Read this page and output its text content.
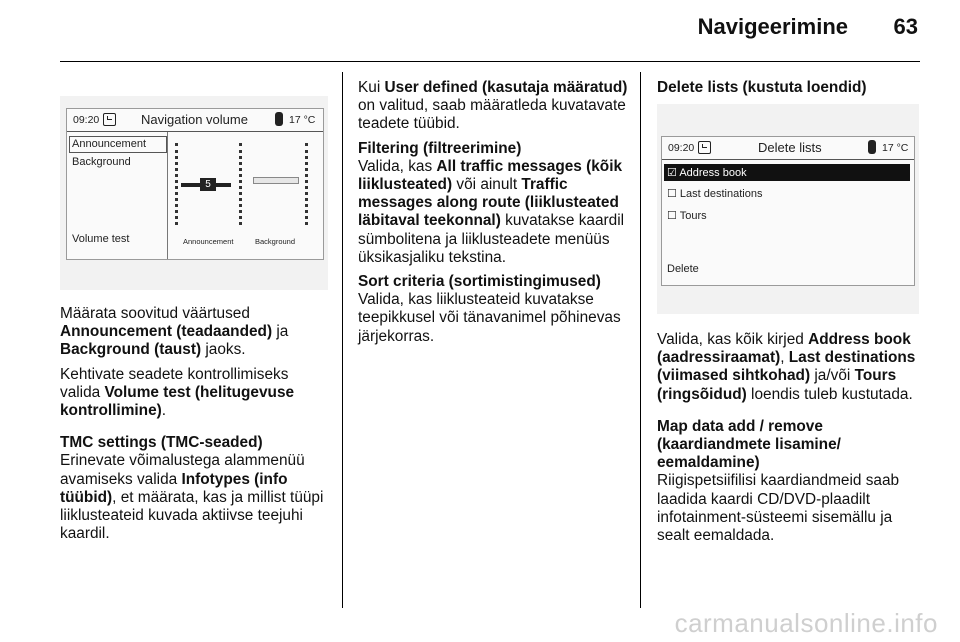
Navigeerimine 63
09:20	Navigation volume	17 °C
Announcement
Background
Volume test
5
Announcement	Background

Määrata soovitud väärtused Announcement (teadaanded) ja Background (taust) jaoks.

Kehtivate seadete kontrollimiseks valida Volume test (helitugevuse kontrollimine).

TMC settings (TMC-seaded)

Erinevate võimalustega alammenüü avamiseks valida Infotypes (info tüübid), et määrata, kas ja millist tüüpi liiklusteateid kuvada aktiivse teejuhi kaardil.

Kui User defined (kasutaja määratud) on valitud, saab määratleda kuvatavate teadete tüübid.

Filtering (filtreerimine)

Valida, kas All traffic messages (kõik liiklusteated) või ainult Traffic messages along route (liiklusteated läbitaval teekonnal) kuvatakse kaardil sümbolitena ja liiklusteadete menüüs üksikasjaliku tekstina.

Sort criteria (sortimistingimused)

Valida, kas liiklusteateid kuvatakse teepikkusel või tänavanimel põhinevas järjekorras.

Delete lists (kustuta loendid)

09:20	Delete lists	17 °C
☑ Address book
☐ Last destinations
☐ Tours
Delete

Valida, kas kõik kirjed Address book (aadressiraamat), Last destinations (viimased sihtkohad) ja/või Tours (ringsõidud) loendis tuleb kustutada.

Map data add / remove (kaardiandmete lisamine/ eemaldamine)

Riigispetsiifilisi kaardiandmeid saab laadida kaardi CD/DVD-plaadilt infotainment-süsteemi sisemällu ja sealt eemaldada.

carmanualsonline.info
